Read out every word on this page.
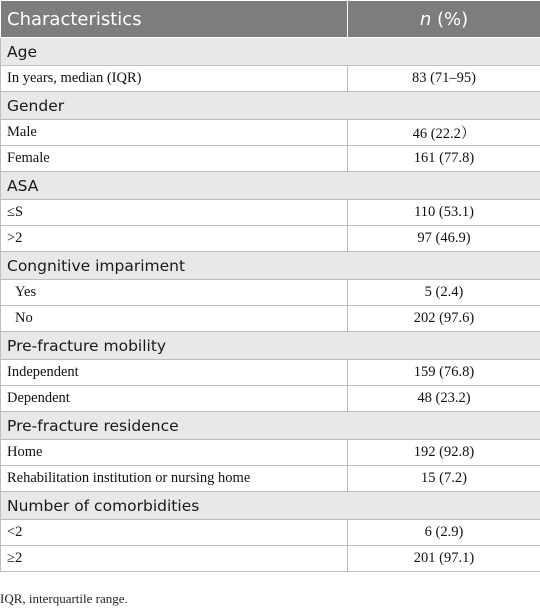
Characteristics	n (%)
Age	
In years, median (IQR)	83 (71–95)
Gender	
Male	46 (22.2）
Female	161 (77.8)
ASA	
≤S	110 (53.1)
>2	97 (46.9)
Congnitive impariment	
Yes	5 (2.4)
No	202 (97.6)
Pre-fracture mobility	
Independent	159 (76.8)
Dependent	48 (23.2)
Pre-fracture residence	
Home	192 (92.8)
Rehabilitation institution or nursing home	15 (7.2)
Number of comorbidities	
<2	6 (2.9)
≥2	201 (97.1)
IQR, interquartile range.
